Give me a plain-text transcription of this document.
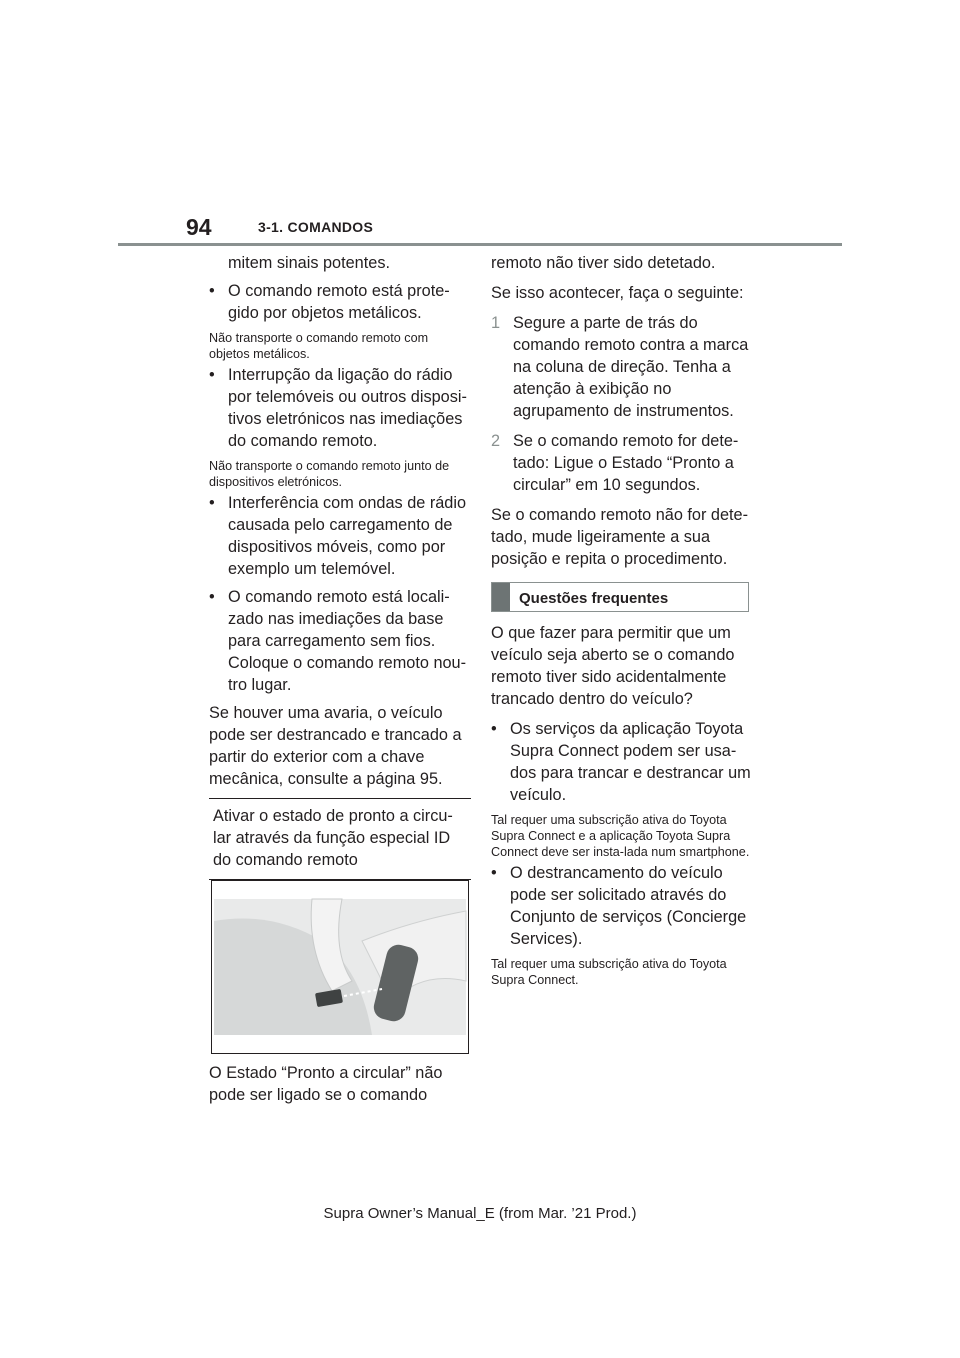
94	3-1. COMANDOS

mitem sinais potentes.

• O comando remoto está prote-gido por objetos metálicos.

Não transporte o comando remoto com objetos metálicos.

• Interrupção da ligação do rádio por telemóveis ou outros disposi-tivos eletrónicos nas imediações do comando remoto.

Não transporte o comando remoto junto de dispositivos eletrónicos.

• Interferência com ondas de rádio causada pelo carregamento de dispositivos móveis, como por exemplo um telemóvel.

• O comando remoto está locali-zado nas imediações da base para carregamento sem fios. Coloque o comando remoto nou-tro lugar.

Se houver uma avaria, o veículo pode ser destrancado e trancado a partir do exterior com a chave mecânica, consulte a página 95.

Ativar o estado de pronto a circu-lar através da função especial ID do comando remoto

O Estado “Pronto a circular” não pode ser ligado se o comando

remoto não tiver sido detetado.

Se isso acontecer, faça o seguinte:

1 Segure a parte de trás do comando remoto contra a marca na coluna de direção. Tenha a atenção à exibição no agrupamento de instrumentos.
2 Se o comando remoto for dete-tado: Ligue o Estado “Pronto a circular” em 10 segundos.

Se o comando remoto não for dete-tado, mude ligeiramente a sua posição e repita o procedimento.

Questões frequentes

O que fazer para permitir que um veículo seja aberto se o comando remoto tiver sido acidentalmente trancado dentro do veículo?

• Os serviços da aplicação Toyota Supra Connect podem ser usa-dos para trancar e destrancar um veículo.

Tal requer uma subscrição ativa do Toyota Supra Connect e a aplicação Toyota Supra Connect deve ser insta-lada num smartphone.

• O destrancamento do veículo pode ser solicitado através do Conjunto de serviços (Concierge Services).

Tal requer uma subscrição ativa do Toyota Supra Connect.

Supra Owner’s Manual_E (from Mar. ’21 Prod.)
